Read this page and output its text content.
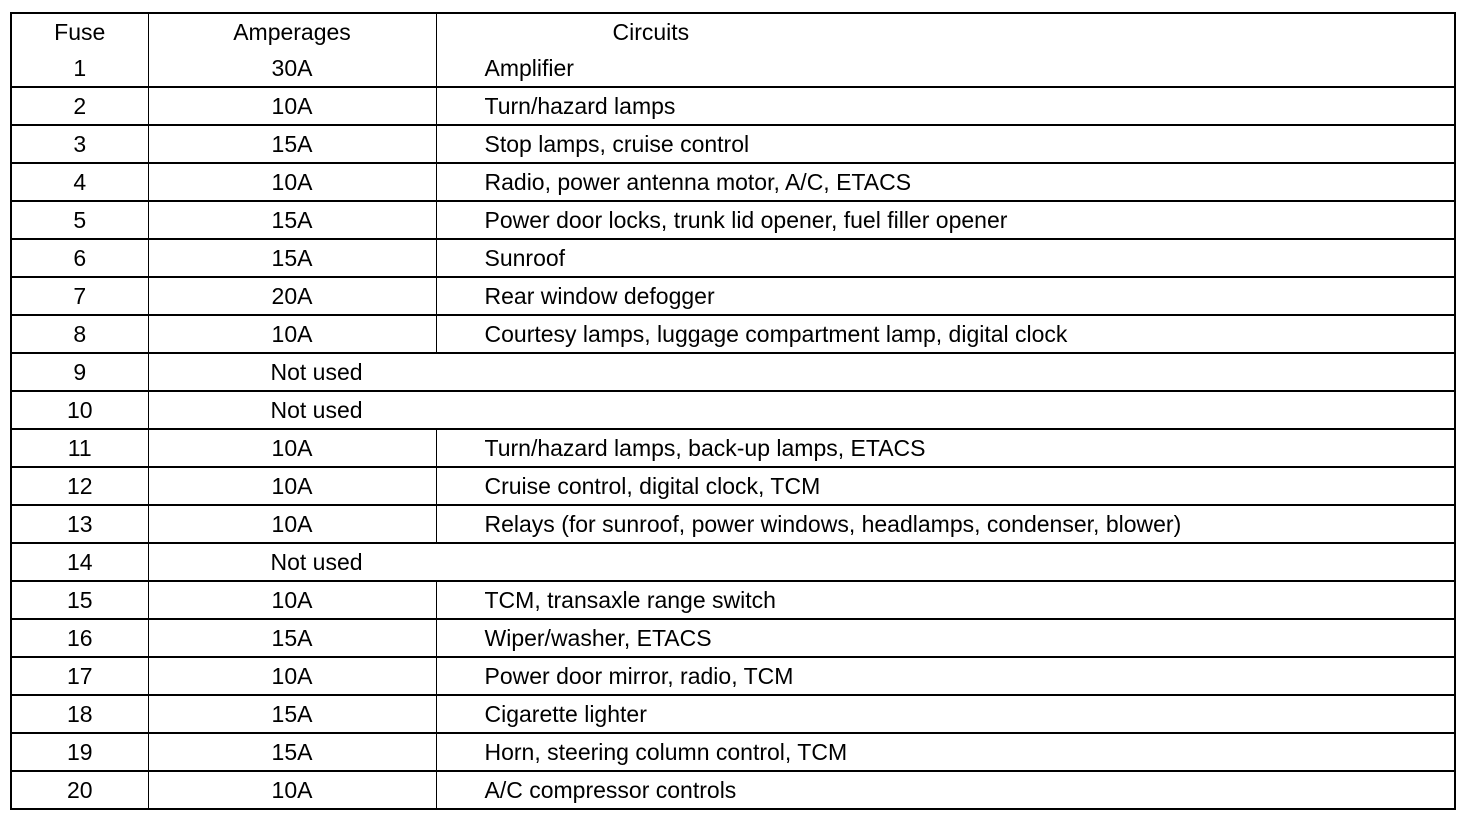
Fuse	Amperages	Circuits
1	30A	Amplifier
2	10A	Turn/hazard lamps
3	15A	Stop lamps, cruise control
4	10A	Radio, power antenna motor, A/C, ETACS
5	15A	Power door locks, trunk lid opener, fuel filler opener
6	15A	Sunroof
7	20A	Rear window defogger
8	10A	Courtesy lamps, luggage compartment lamp, digital clock
9	Not used	
10	Not used	
11	10A	Turn/hazard lamps, back-up lamps, ETACS
12	10A	Cruise control, digital clock, TCM
13	10A	Relays (for sunroof, power windows, headlamps, condenser, blower)
14	Not used	
15	10A	TCM, transaxle range switch
16	15A	Wiper/washer, ETACS
17	10A	Power door mirror, radio, TCM
18	15A	Cigarette lighter
19	15A	Horn, steering column control, TCM
20	10A	A/C compressor controls
